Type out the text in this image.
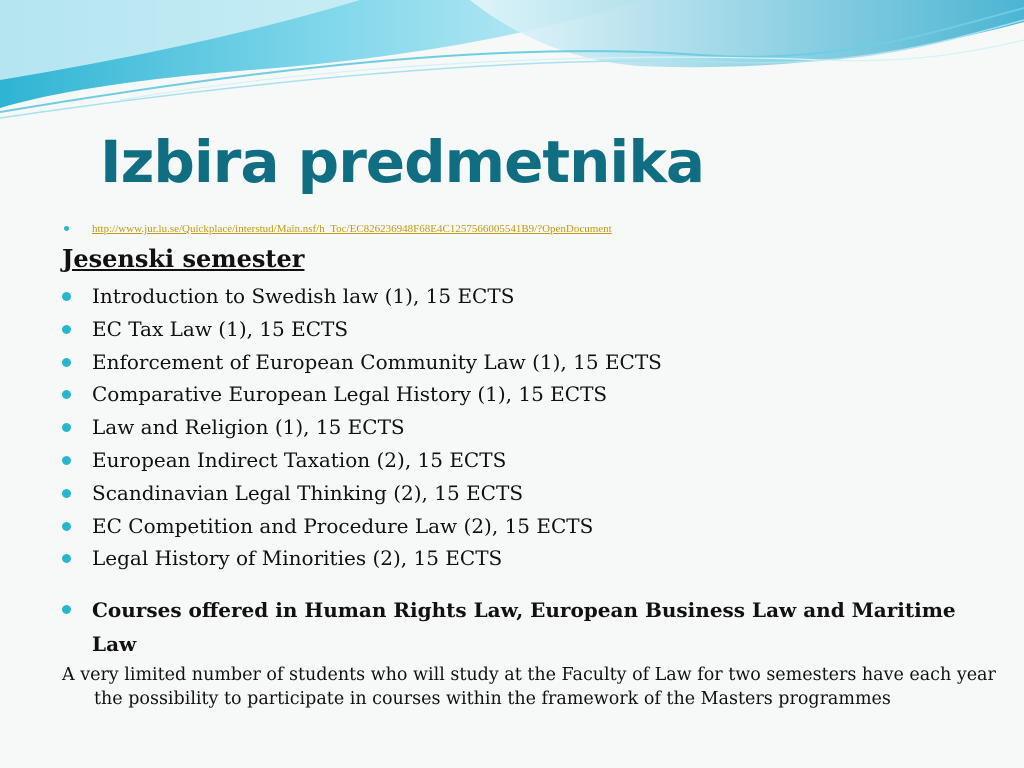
Izbira predmetnika
http://www.jur.lu.se/Quickplace/interstud/Main.nsf/h_Toc/EC826236948F68E4C1257566005541B9/?OpenDocument
Jesenski semester
Introduction to Swedish law (1), 15 ECTS
EC Tax Law (1), 15 ECTS
Enforcement of European Community Law (1), 15 ECTS
Comparative European Legal History (1), 15 ECTS
Law and Religion (1), 15 ECTS
European Indirect Taxation (2), 15 ECTS
Scandinavian Legal Thinking (2), 15 ECTS
EC Competition and Procedure Law (2), 15 ECTS
Legal History of Minorities (2), 15 ECTS
Courses offered in Human Rights Law, European Business Law and Maritime Law
A very limited number of students who will study at the Faculty of Law for two semesters have each year the possibility to participate in courses within the framework of the Masters programmes
